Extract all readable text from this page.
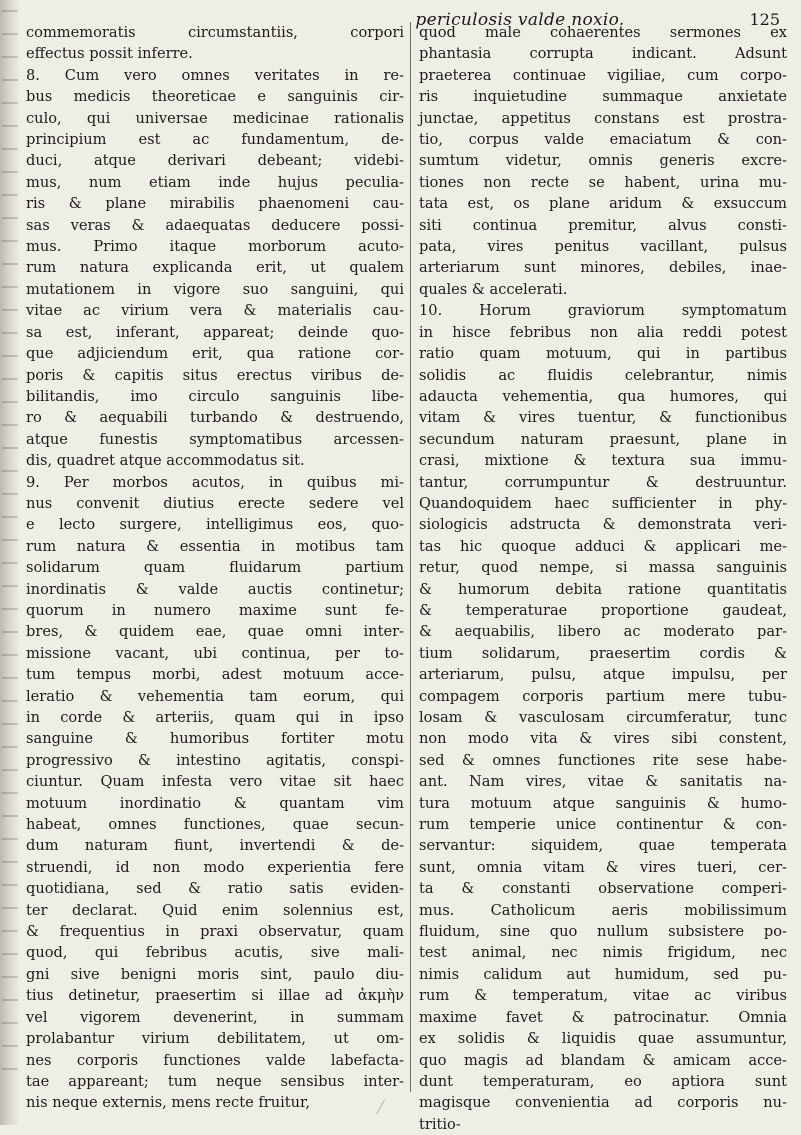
periculosis valde noxio.	125
commemoratis circumstantiis, corpori
effectus possit inferre.
8. Cum vero omnes veritates in re-
bus medicis theoreticae e sanguinis cir-
culo, qui universae medicinae rationalis
principium est ac fundamentum, de-
duci, atque derivari debeant; videbi-
mus, num etiam inde hujus peculia-
ris & plane mirabilis phaenomeni cau-
sas veras & adaequatas deducere possi-
mus. Primo itaque morborum acuto-
rum natura explicanda erit, ut qualem
mutationem in vigore suo sanguini, qui
vitae ac virium vera & materialis cau-
sa est, inferant, appareat; deinde quo-
que adjiciendum erit, qua ratione cor-
poris & capitis situs erectus viribus de-
bilitandis, imo circulo sanguinis libe-
ro & aequabili turbando & destruendo,
atque funestis symptomatibus arcessen-
dis, quadret atque accommodatus sit.
9. Per morbos acutos, in quibus mi-
nus convenit diutius erecte sedere vel
e lecto surgere, intelligimus eos, quo-
rum natura & essentia in motibus tam
solidarum quam fluidarum partium
inordinatis & valde auctis continetur;
quorum in numero maxime sunt fe-
bres, & quidem eae, quae omni inter-
missione vacant, ubi continua, per to-
tum tempus morbi, adest motuum acce-
leratio & vehementia tam eorum, qui
in corde & arteriis, quam qui in ipso
sanguine & humoribus fortiter motu
progressivo & intestino agitatis, conspi-
ciuntur. Quam infesta vero vitae sit haec
motuum inordinatio & quantam vim
habeat, omnes functiones, quae secun-
dum naturam fiunt, invertendi & de-
struendi, id non modo experientia fere
quotidiana, sed & ratio satis eviden-
ter declarat. Quid enim solennius est,
& frequentius in praxi observatur, quam
quod, qui febribus acutis, sive mali-
gni sive benigni moris sint, paulo diu-
tius detinetur, praesertim si illae ad ἀκμὴν
vel vigorem devenerint, in summam
prolabantur virium debilitatem, ut om-
nes corporis functiones valde labefacta-
tae appareant; tum neque sensibus inter-
nis neque externis, mens recte fruitur,
quod male cohaerentes sermones ex
phantasia corrupta indicant. Adsunt
praeterea continuae vigiliae, cum corpo-
ris inquietudine summaque anxietate
junctae, appetitus constans est prostra-
tio, corpus valde emaciatum & con-
sumtum videtur, omnis generis excre-
tiones non recte se habent, urina mu-
tata est, os plane aridum & exsuccum
siti continua premitur, alvus consti-
pata, vires penitus vacillant, pulsus
arteriarum sunt minores, debiles, inae-
quales & accelerati.
10. Horum graviorum symptomatum
in hisce febribus non alia reddi potest
ratio quam motuum, qui in partibus
solidis ac fluidis celebrantur, nimis
adaucta vehementia, qua humores, qui
vitam & vires tuentur, & functionibus
secundum naturam praesunt, plane in
crasi, mixtione & textura sua immu-
tantur, corrumpuntur & destruuntur.
Quandoquidem haec sufficienter in phy-
siologicis adstructa & demonstrata veri-
tas hic quoque adduci & applicari me-
retur, quod nempe, si massa sanguinis
& humorum debita ratione quantitatis
& temperaturae proportione gaudeat,
& aequabilis, libero ac moderato par-
tium solidarum, praesertim cordis &
arteriarum, pulsu, atque impulsu, per
compagem corporis partium mere tubu-
losam & vasculosam circumferatur, tunc
non modo vita & vires sibi constent,
sed & omnes functiones rite sese habe-
ant. Nam vires, vitae & sanitatis na-
tura motuum atque sanguinis & humo-
rum temperie unice continentur & con-
servantur: siquidem, quae temperata
sunt, omnia vitam & vires tueri, cer-
ta & constanti observatione comperi-
mus. Catholicum aeris mobilissimum
fluidum, sine quo nullum subsistere po-
test animal, nec nimis frigidum, nec
nimis calidum aut humidum, sed pu-
rum & temperatum, vitae ac viribus
maxime favet & patrocinatur. Omnia
ex solidis & liquidis quae assumuntur,
quo magis ad blandam & amicam acce-
dunt temperaturam, eo aptiora sunt
magisque convenientia ad corporis nu-
tritio-
